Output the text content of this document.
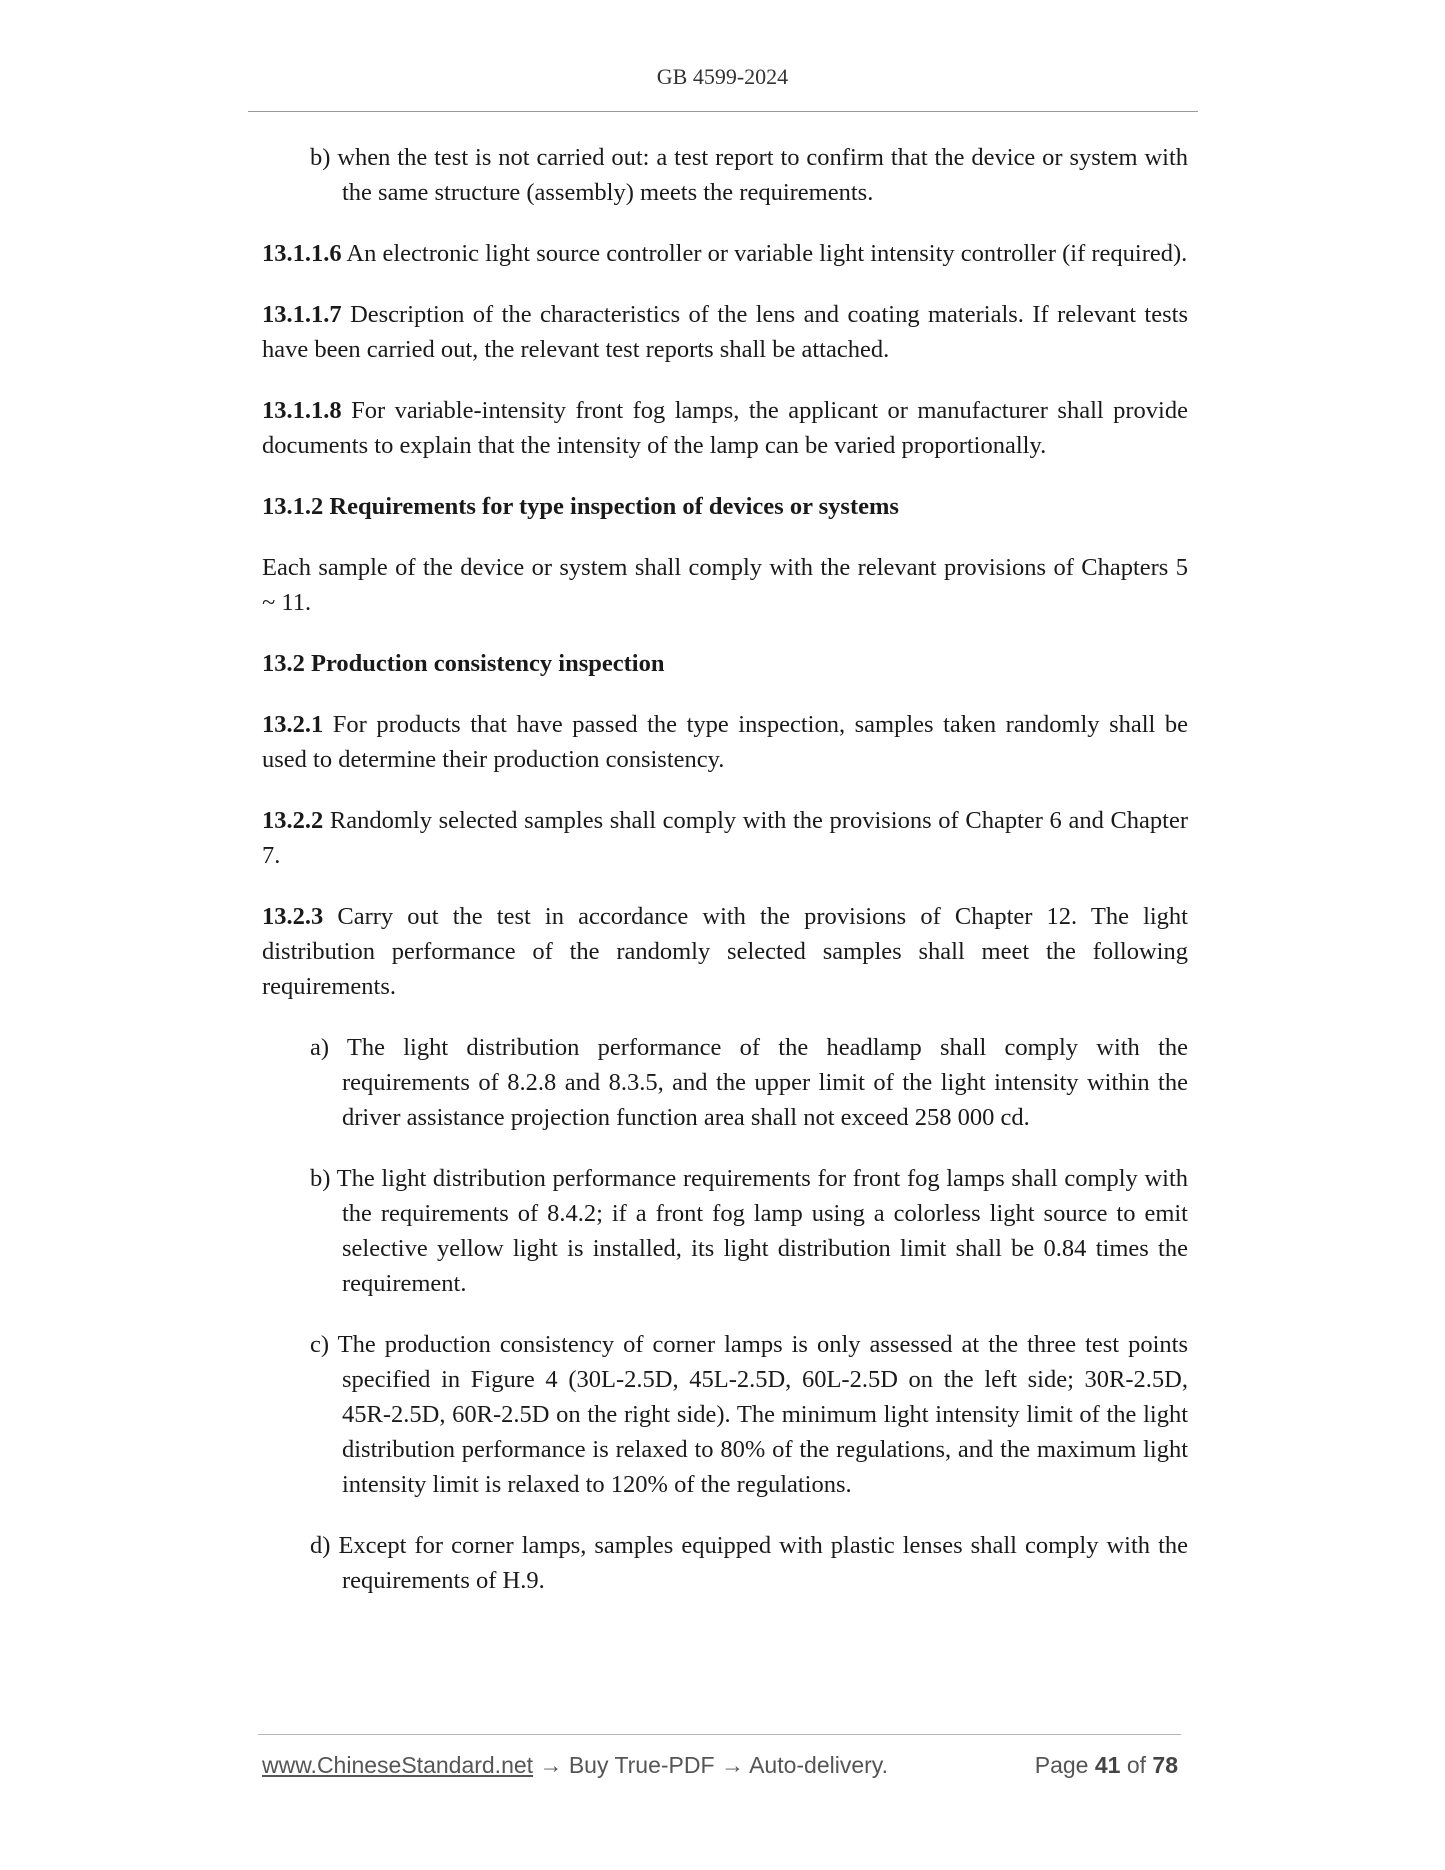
GB 4599-2024
b) when the test is not carried out: a test report to confirm that the device or system with the same structure (assembly) meets the requirements.

13.1.1.6 An electronic light source controller or variable light intensity controller (if required).

13.1.1.7 Description of the characteristics of the lens and coating materials. If relevant tests have been carried out, the relevant test reports shall be attached.

13.1.1.8 For variable-intensity front fog lamps, the applicant or manufacturer shall provide documents to explain that the intensity of the lamp can be varied proportionally.

13.1.2 Requirements for type inspection of devices or systems

Each sample of the device or system shall comply with the relevant provisions of Chapters 5 ~ 11.

13.2 Production consistency inspection

13.2.1 For products that have passed the type inspection, samples taken randomly shall be used to determine their production consistency.

13.2.2 Randomly selected samples shall comply with the provisions of Chapter 6 and Chapter 7.

13.2.3 Carry out the test in accordance with the provisions of Chapter 12. The light distribution performance of the randomly selected samples shall meet the following requirements.

a) The light distribution performance of the headlamp shall comply with the requirements of 8.2.8 and 8.3.5, and the upper limit of the light intensity within the driver assistance projection function area shall not exceed 258 000 cd.
b) The light distribution performance requirements for front fog lamps shall comply with the requirements of 8.4.2; if a front fog lamp using a colorless light source to emit selective yellow light is installed, its light distribution limit shall be 0.84 times the requirement.
c) The production consistency of corner lamps is only assessed at the three test points specified in Figure 4 (30L-2.5D, 45L-2.5D, 60L-2.5D on the left side; 30R-2.5D, 45R-2.5D, 60R-2.5D on the right side). The minimum light intensity limit of the light distribution performance is relaxed to 80% of the regulations, and the maximum light intensity limit is relaxed to 120% of the regulations.
d) Except for corner lamps, samples equipped with plastic lenses shall comply with the requirements of H.9.
www.ChineseStandard.net → Buy True-PDF → Auto-delivery.	Page 41 of 78
